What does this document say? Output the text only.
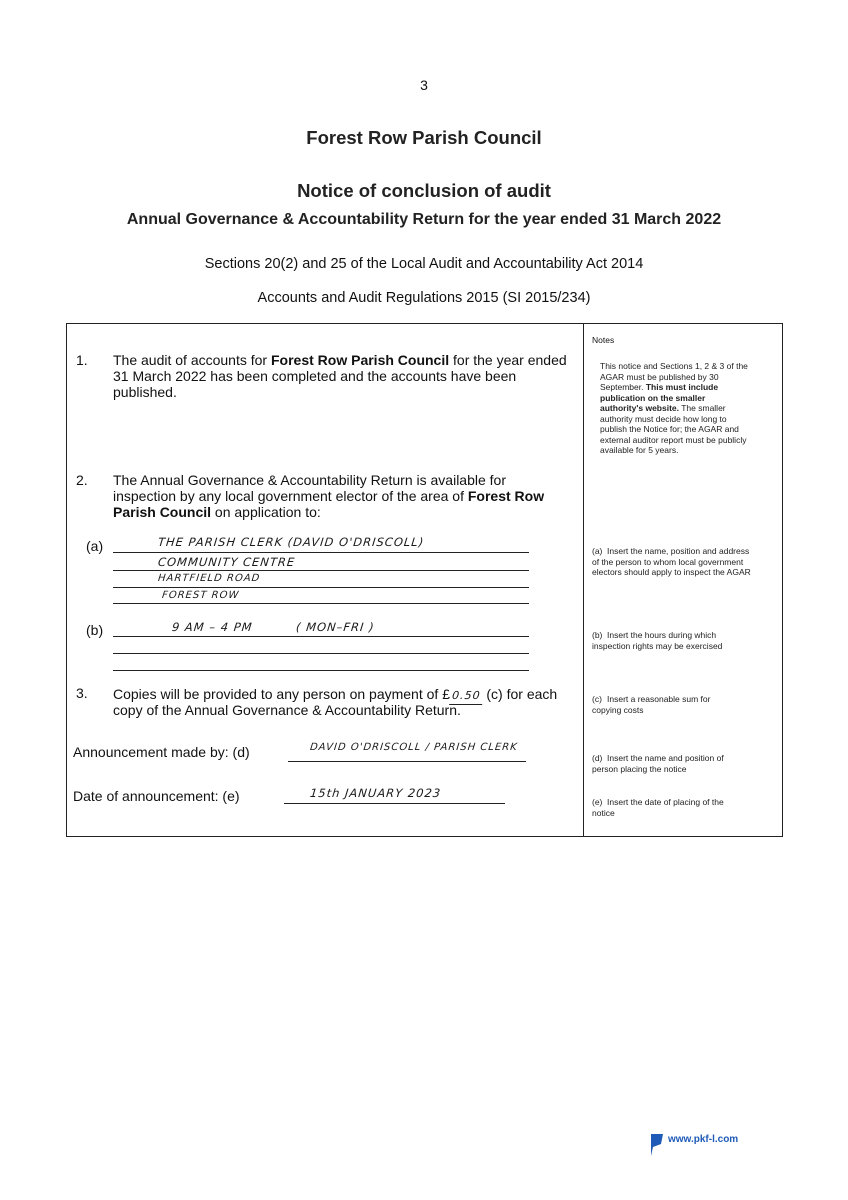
3
Forest Row Parish Council
Notice of conclusion of audit
Annual Governance & Accountability Return for the year ended 31 March 2022
Sections 20(2) and 25 of the Local Audit and Accountability Act 2014
Accounts and Audit Regulations 2015 (SI 2015/234)
1. The audit of accounts for Forest Row Parish Council for the year ended 31 March 2022 has been completed and the accounts have been published.
2. The Annual Governance & Accountability Return is available for inspection by any local government elector of the area of Forest Row Parish Council on application to:
(a)	THE PARISH CLERK (DAVID O'DRISCOLL)
COMMUNITY CENTRE
HARTFIELD ROAD
FOREST ROW
(b)	9 AM – 4 PM	( MON–FRI )
3. Copies will be provided to any person on payment of £0.50 (c) for each
copy of the Annual Governance & Accountability Return.
Announcement made by: (d)	DAVID O'DRISCOLL / PARISH CLERK
Date of announcement: (e)	15th JANUARY 2023
Notes
This notice and Sections 1, 2 & 3 of the AGAR must be published by 30 September. This must include publication on the smaller authority's website. The smaller authority must decide how long to publish the Notice for; the AGAR and external auditor report must be publicly available for 5 years.
(a) Insert the name, position and address of the person to whom local government electors should apply to inspect the AGAR
(b) Insert the hours during which inspection rights may be exercised
(c) Insert a reasonable sum for copying costs
(d) Insert the name and position of person placing the notice
(e) Insert the date of placing of the notice
www.pkf-l.com
